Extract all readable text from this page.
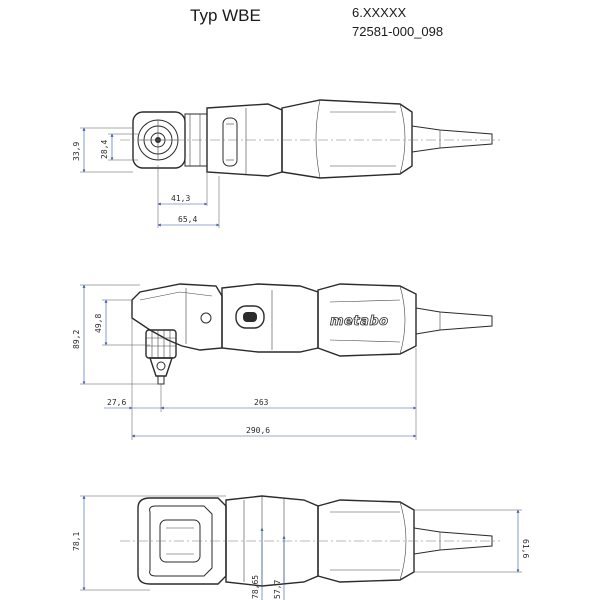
Typ WBE	6.XXXXX
72581-000_098
33,9 28,4
41,3
65,4
metabo
89,2
49,8
27,6	263
290,6
78,1	61,6
78,65 57,7
